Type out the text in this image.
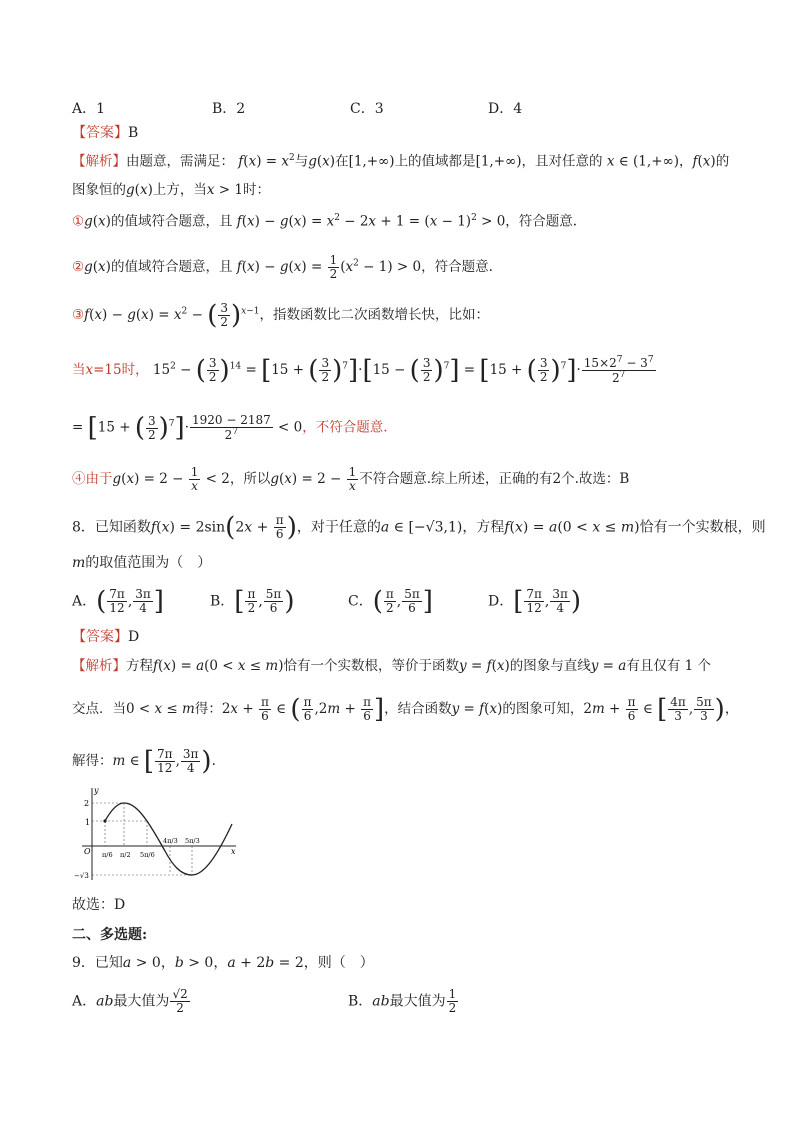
A．1	B．2	C．3	D．4
【答案】B
【解析】由题意，需满足： $f(x) = x^2$与g(x)在[1,+∞)上的值域都是[1,+∞)，且对任意的 x ∈ (1,+∞)，f(x)的
图象恒的g(x)上方，当x > 1时：
①g(x)的值域符合题意，且 $f(x) - g(x) = x^2 - 2x + 1 = (x - 1)^2 > 0$，符合题意.
②g(x)的值域符合题意，且 $f(x) - g(x) = \frac{1}{2} (x^2 - 1) > 0$，符合题意.
③f(x) − $g(x) = x^2$ − ( $\frac{3}{2} )^{x-1}$，指数函数比二次函数增长快，比如：
当x=15时， $15^2$ − ( $\frac{3}{2} )^{14} = [15$ + ( $\frac{3}{2} )^7]\cdot[15$ − ( $\frac{3}{2} )^7] = [15$ + ( $\frac{3}{2} )^7]\cdot \frac{15\times 2^7 - 3^7}{2^7}$
= [15 + ( $\frac{3}{2} )^7]\cdot \frac{1920 - 2187}{2^7} < 0$，不符合题意.
④由于$g(x) = 2 - \frac{1}{x} < 2$，所以$g(x) = 2 - \frac{1}{x}$ 不符合题意.综上所述，正确的有2个.故选：B
8．已知函数$f(x) = 2\sin(2x + \frac{\pi}{6}$ )，对于任意的a ∈ [−√3,1)，方程f(x) = a(0 < x ≤ m)恰有一个实数根，则
m的取值范围为（　）
A．( $\frac{7\pi}{12}$ , $\frac{3\pi}{4}$ ]	B．[ $\frac{\pi}{2}$ , $\frac{5\pi}{6}$ )	C．( $\frac{\pi}{2}$ , $\frac{5\pi}{6}$ ]	D．[ $\frac{7\pi}{12}$ , $\frac{3\pi}{4}$ )
【答案】D
【解析】方程f(x) = a(0 < x ≤ m)恰有一个实数根，等价于函数y = f(x)的图象与直线y = a有且仅有 1 个
交点．当0 < x ≤ m得：$2x + \frac{\pi}{6}$ ∈ ( $\frac{\pi}{6} ,2m + \frac{\pi}{6}$ ]，结合函数y = f(x)的图象可知，$2m + \frac{\pi}{6}$ ∈ [ $\frac{4\pi}{3}$ , $\frac{5\pi}{3}$ )，
解得：m ∈ [ $\frac{7\pi}{12}$ , $\frac{3\pi}{4}$ ).
y
x
O
2
1
−√3
π/6 π/2 5π/6
4π/3 5π/3
故选：D
二、多选题:
9．已知a > 0，b > 0，a + 2b = 2，则（　）
A．ab最大值为 $\frac{√2}{2}$	B．ab最大值为 $\frac{1}{2}$
